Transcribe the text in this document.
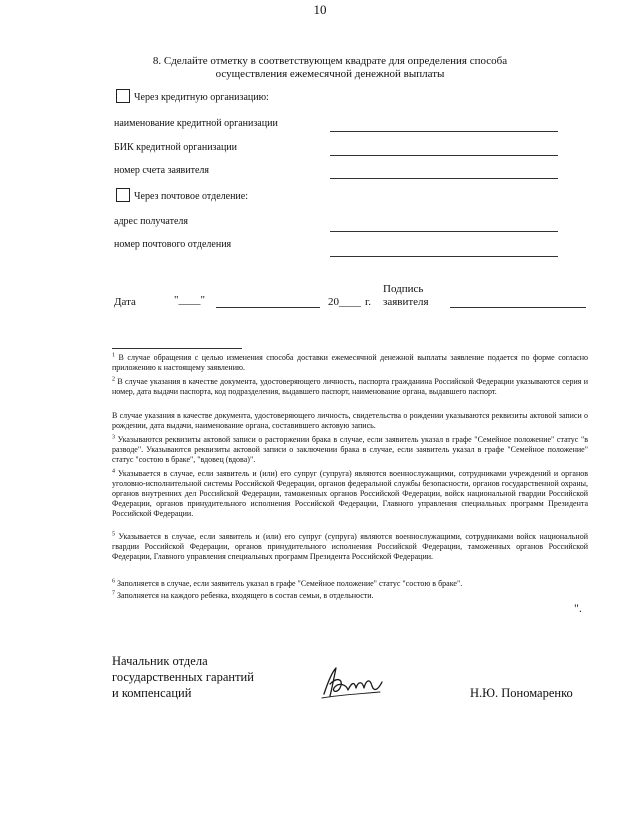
10
8. Сделайте отметку в соответствующем квадрате для определения способа
осуществления ежемесячной денежной выплаты
Через кредитную организацию:
наименование кредитной организации
БИК кредитной организации
номер счета заявителя
Через почтовое отделение:
адрес получателя
номер почтового отделения
Дата	"____"	20____ г.
Подпись
заявителя
$^1$ В случае обращения с целью изменения способа доставки ежемесячной денежной выплаты заявление подается по форме согласно приложению к настоящему заявлению.
$^2$ В случае указания в качестве документа, удостоверяющего личность, паспорта гражданина Российской Федерации указываются серия и номер, дата выдачи паспорта, код подразделения, выдавшего паспорт, наименование органа, выдавшего паспорт.
В случае указания в качестве документа, удостоверяющего личность, свидетельства о рождении указываются реквизиты актовой записи о рождении, дата выдачи, наименование органа, составившего актовую запись.
$^3$ Указываются реквизиты актовой записи о расторжении брака в случае, если заявитель указал в графе "Семейное положение" статус "в разводе". Указываются реквизиты актовой записи о заключении брака в случае, если заявитель указал в графе "Семейное положение" статус "состою в браке", "вдовец (вдова)".
$^4$ Указывается в случае, если заявитель и (или) его супруг (супруга) являются военнослужащими, сотрудниками учреждений и органов уголовно-исполнительной системы Российской Федерации, органов федеральной службы безопасности, органов государственной охраны, органов внутренних дел Российской Федерации, таможенных органов Российской Федерации, войск национальной гвардии Российской Федерации, органов принудительного исполнения Российской Федерации, Главного управления специальных программ Президента Российской Федерации.
$^5$ Указывается в случае, если заявитель и (или) его супруг (супруга) являются военнослужащими, сотрудниками войск национальной гвардии Российской Федерации, органов принудительного исполнения Российской Федерации, таможенных органов Российской Федерации, Главного управления специальных программ Президента Российской Федерации.
$^6$ Заполняется в случае, если заявитель указал в графе "Семейное положение" статус "состою в браке".
$^7$ Заполняется на каждого ребенка, входящего в состав семьи, в отдельности.
".
Начальник отдела
государственных гарантий
и компенсаций	Н.Ю. Пономаренко
